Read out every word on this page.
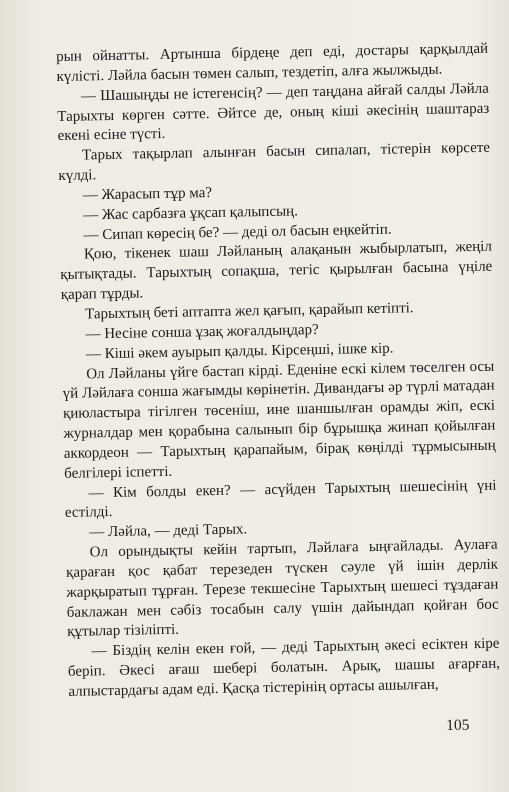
рын ойнатты. Артынша бірдеңе деп еді, достары қарқылдай күлісті. Ләйла басын төмен салып, тездетіп, алға жылжыды.

— Шашыңды не істегенсің? — деп таңдана айғай салды Ләйла Тарыхты көрген сәтте. Әйтсе де, оның кіші әкесінің шаштараз екені есіне түсті.

Тарых тақырлап алынған басын сипалап, тістерін көрсете күлді.

— Жарасып тұр ма?

— Жас сарбазға ұқсап қалыпсың.

— Сипап көресің бе? — деді ол басын еңкейтіп.

Қою, тікенек шаш Ләйланың алақанын жыбырлатып, жеңіл қытықтады. Тарыхтың сопақша, тегіс қырылған басына үңіле қарап тұрды.

Тарыхтың беті аптапта жел қағып, қарайып кетіпті.

— Несіне сонша ұзақ жоғалдыңдар?

— Кіші әкем ауырып қалды. Кірсеңші, ішке кір.

Ол Ләйланы үйге бастап кірді. Еденіне ескі кілем төселген осы үй Ләйлаға сонша жағымды көрінетін. Дивандағы әр түрлі матадан қиюластыра тігілген төсеніш, ине шаншылған орамды жіп, ескі журналдар мен қорабына салынып бір бұрышқа жинап қойылған аккордеон — Тарыхтың қарапайым, бірақ көңілді тұрмысының белгілері іспетті.

— Кім болды екен? — асүйден Тарыхтың шешесінің үні естілді.

— Ләйла, — деді Тарых.

Ол орындықты кейін тартып, Ләйлаға ыңғайлады. Аулаға қараған қос қабат терезеден түскен сәуле үй ішін дерлік жарқыратып тұрған. Терезе текшесіне Тарыхтың шешесі тұздаған баклажан мен сәбіз тосабын салу үшін дайындап қойған бос құтылар тізіліпті.

— Біздің келін екен ғой, — деді Тарыхтың әкесі есіктен кіре беріп. Әкесі ағаш шебері болатын. Арық, шашы ағарған, алпыстардағы адам еді. Қасқа тістерінің ортасы ашылған,

105
